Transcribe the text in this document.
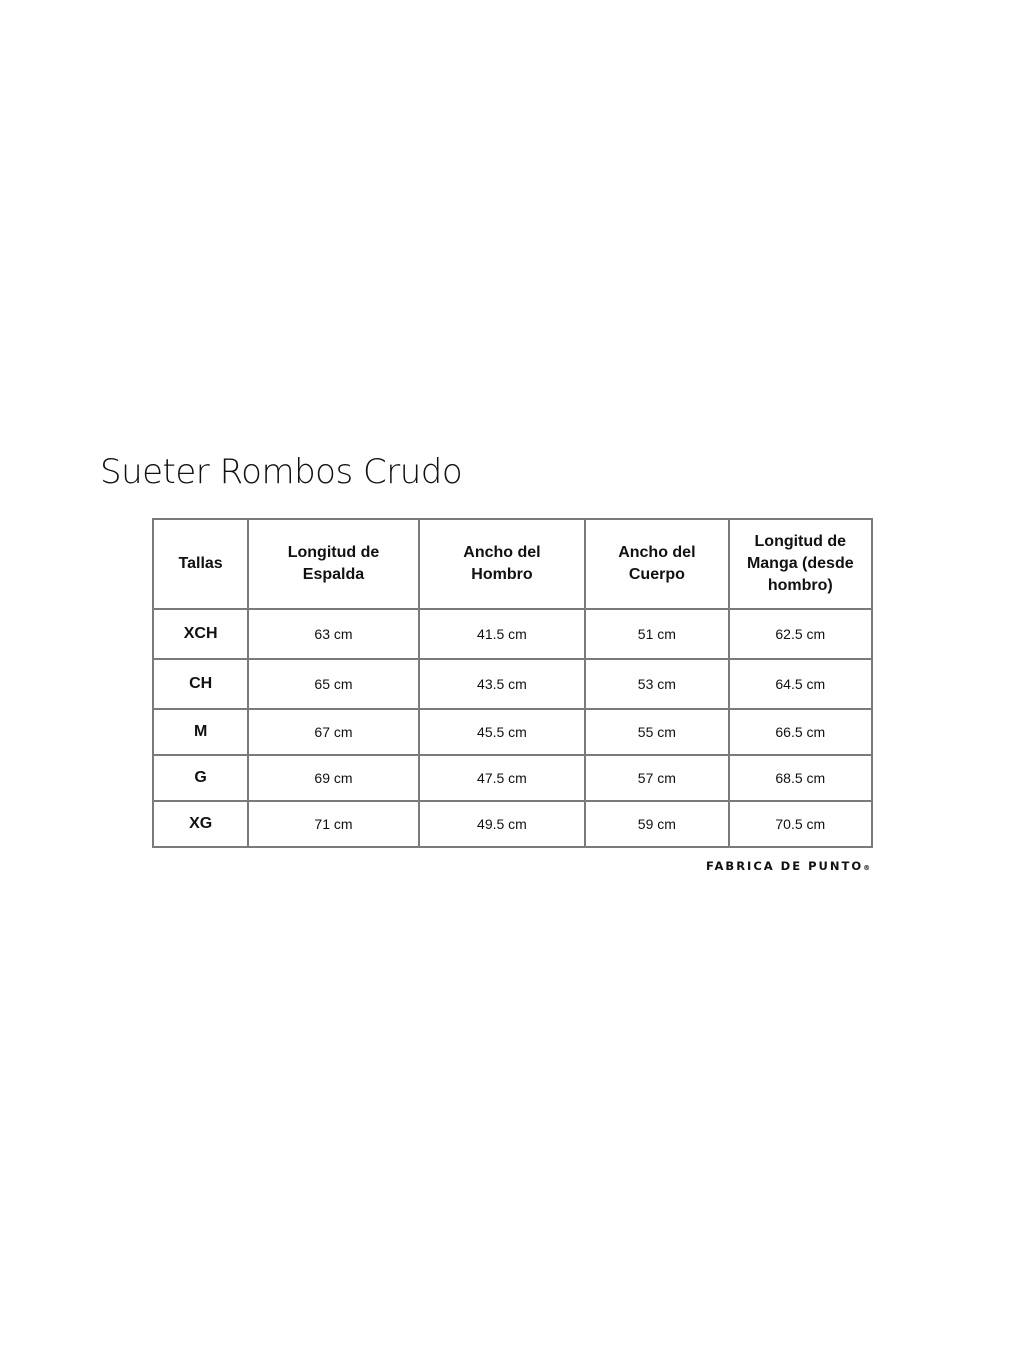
Sueter Rombos Crudo
Tallas	Longitud de Espalda	Ancho del Hombro	Ancho del Cuerpo	Longitud de Manga (desde hombro)
XCH	63 cm	41.5 cm	51 cm	62.5 cm
CH	65 cm	43.5 cm	53 cm	64.5 cm
M	67 cm	45.5 cm	55 cm	66.5 cm
G	69 cm	47.5 cm	57 cm	68.5 cm
XG	71 cm	49.5 cm	59 cm	70.5 cm
FABRICA DE PUNTO®
